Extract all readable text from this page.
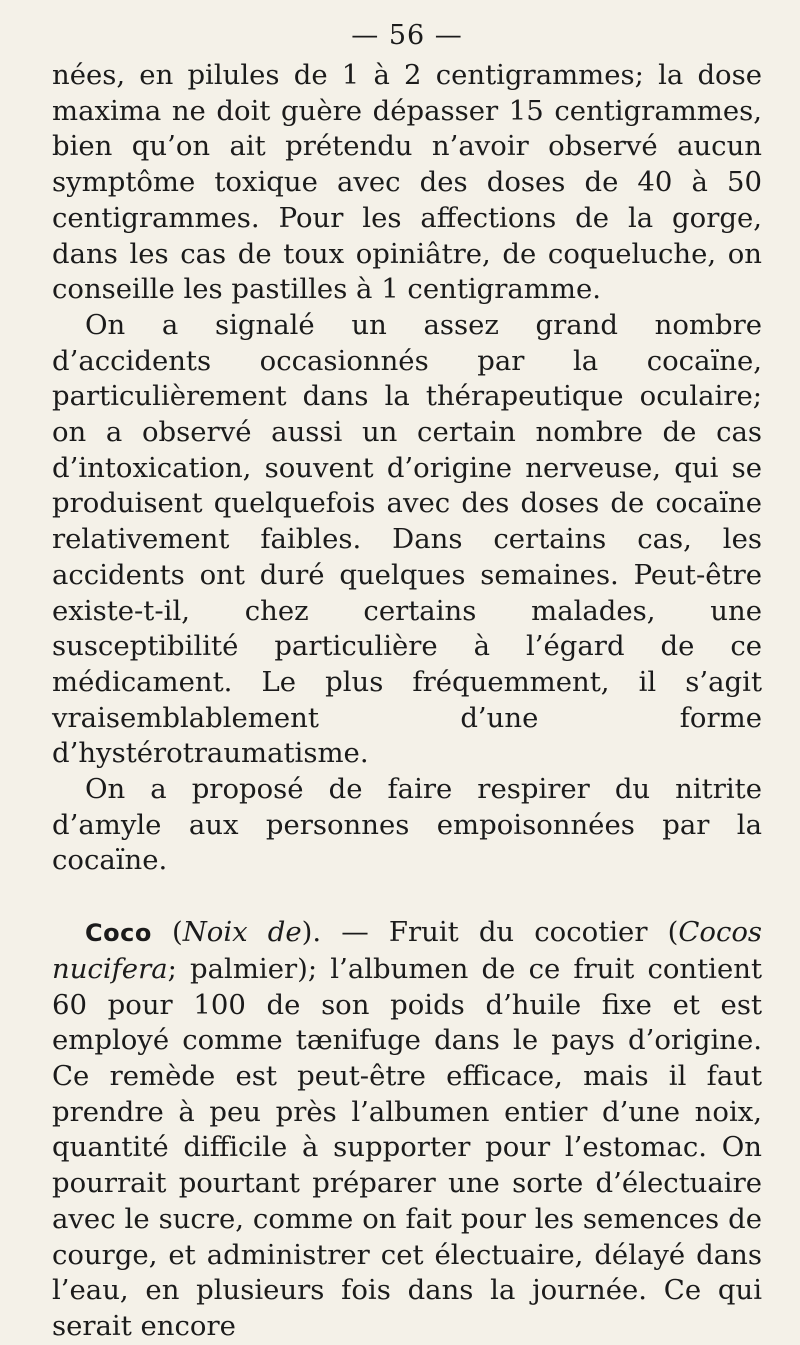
— 56 —

nées, en pilules de 1 à 2 centigrammes; la dose maxima ne doit guère dépasser 15 centigrammes, bien qu’on ait prétendu n’avoir observé aucun symptôme toxique avec des doses de 40 à 50 centigrammes. Pour les affections de la gorge, dans les cas de toux opiniâtre, de coqueluche, on conseille les pastilles à 1 centigramme.

On a signalé un assez grand nombre d’accidents occasionnés par la cocaïne, particulièrement dans la thérapeutique oculaire; on a observé aussi un certain nombre de cas d’intoxication, souvent d’origine nerveuse, qui se produisent quelquefois avec des doses de cocaïne relativement faibles. Dans certains cas, les accidents ont duré quelques semaines. Peut-être existe-t-il, chez certains malades, une susceptibilité particulière à l’égard de ce médicament. Le plus fréquemment, il s’agit vraisemblablement d’une forme d’hystérotraumatisme.

On a proposé de faire respirer du nitrite d’amyle aux personnes empoisonnées par la cocaïne.

Coco (Noix de). — Fruit du cocotier (Cocos nucifera; palmier); l’albumen de ce fruit contient 60 pour 100 de son poids d’huile fixe et est employé comme tænifuge dans le pays d’origine. Ce remède est peut-être efficace, mais il faut prendre à peu près l’albumen entier d’une noix, quantité difficile à supporter pour l’estomac. On pourrait pourtant préparer une sorte d’électuaire avec le sucre, comme on fait pour les semences de courge, et administrer cet électuaire, délayé dans l’eau, en plusieurs fois dans la journée. Ce qui serait encore
